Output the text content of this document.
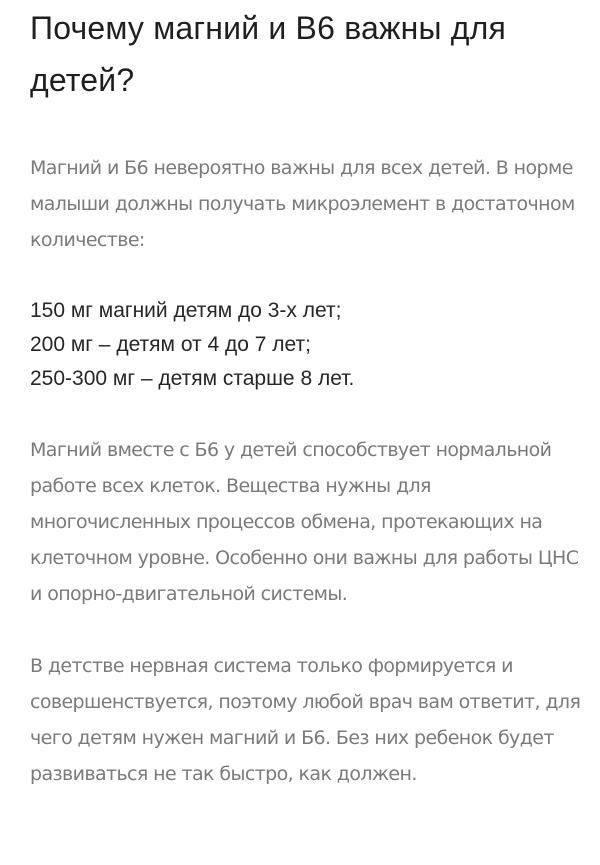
Почему магний и В6 важны для детей?

Магний и Б6 невероятно важны для всех детей. В норме малыши должны получать микроэлемент в достаточном количестве:

150 мг магний детям до 3-х лет;
200 мг – детям от 4 до 7 лет;
250-300 мг – детям старше 8 лет.

Магний вместе с Б6 у детей способствует нормальной работе всех клеток. Вещества нужны для многочисленных процессов обмена, протекающих на клеточном уровне. Особенно они важны для работы ЦНС и опорно-двигательной системы.

В детстве нервная система только формируется и совершенствуется, поэтому любой врач вам ответит, для чего детям нужен магний и Б6. Без них ребенок будет развиваться не так быстро, как должен.
